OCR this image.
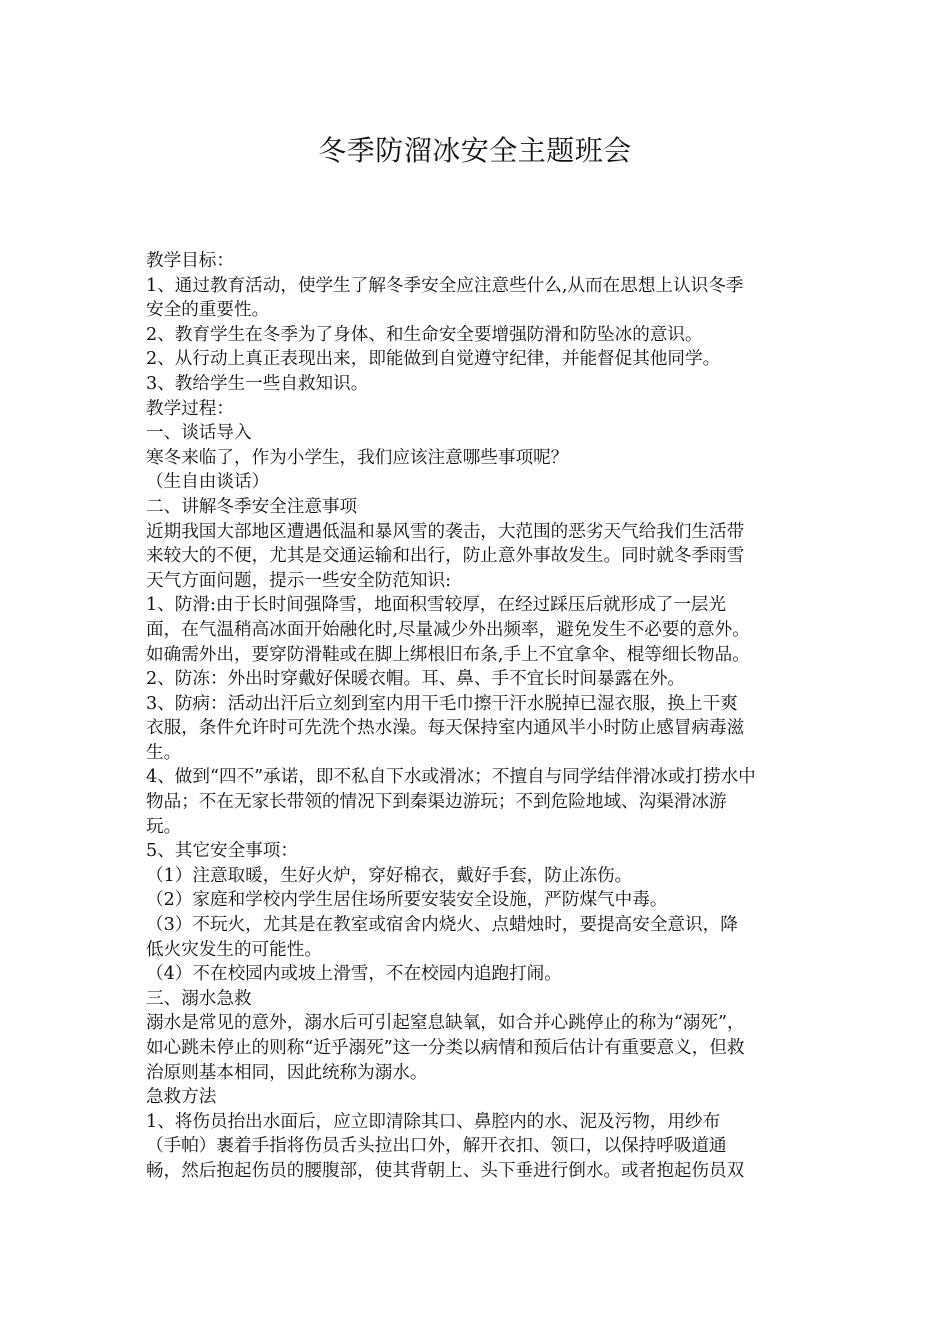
冬季防溜冰安全主题班会
教学目标：
1、通过教育活动，使学生了解冬季安全应注意些什么,从而在思想上认识冬季
安全的重要性。
2、教育学生在冬季为了身体、和生命安全要增强防滑和防坠冰的意识。
2、从行动上真正表现出来，即能做到自觉遵守纪律，并能督促其他同学。
3、教给学生一些自救知识。
教学过程：
一、谈话导入
寒冬来临了，作为小学生，我们应该注意哪些事项呢？
（生自由谈话）
二、讲解冬季安全注意事项
近期我国大部地区遭遇低温和暴风雪的袭击，大范围的恶劣天气给我们生活带
来较大的不便，尤其是交通运输和出行，防止意外事故发生。同时就冬季雨雪
天气方面问题，提示一些安全防范知识:
1、防滑:由于长时间强降雪，地面积雪较厚，在经过踩压后就形成了一层光
面，在气温稍高冰面开始融化时,尽量减少外出频率，避免发生不必要的意外。
如确需外出，要穿防滑鞋或在脚上绑根旧布条,手上不宜拿伞、棍等细长物品。
2、防冻：外出时穿戴好保暖衣帽。耳、鼻、手不宜长时间暴露在外。
3、防病：活动出汗后立刻到室内用干毛巾擦干汗水脱掉已湿衣服，换上干爽
衣服，条件允许时可先洗个热水澡。每天保持室内通风半小时防止感冒病毒滋
生。
4、做到“四不”承诺，即不私自下水或滑冰；不擅自与同学结伴滑冰或打捞水中
物品；不在无家长带领的情况下到秦渠边游玩；不到危险地域、沟渠滑冰游
玩。
5、其它安全事项：
（1）注意取暖，生好火炉，穿好棉衣，戴好手套，防止冻伤。
（2）家庭和学校内学生居住场所要安装安全设施，严防煤气中毒。
（3）不玩火，尤其是在教室或宿舍内烧火、点蜡烛时，要提高安全意识，降
低火灾发生的可能性。
（4）不在校园内或坡上滑雪，不在校园内追跑打闹。
三、溺水急救
溺水是常见的意外，溺水后可引起窒息缺氧，如合并心跳停止的称为“溺死”，
如心跳未停止的则称“近乎溺死”这一分类以病情和预后估计有重要意义，但救
治原则基本相同，因此统称为溺水。
急救方法
1、将伤员抬出水面后，应立即清除其口、鼻腔内的水、泥及污物，用纱布
（手帕）裹着手指将伤员舌头拉出口外，解开衣扣、领口，以保持呼吸道通
畅，然后抱起伤员的腰腹部，使其背朝上、头下垂进行倒水。或者抱起伤员双
